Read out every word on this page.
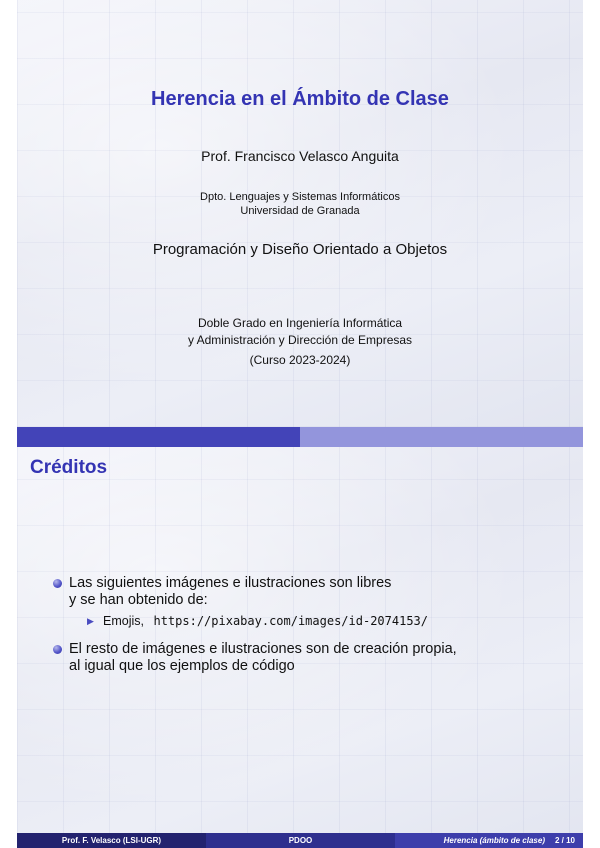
Herencia en el Ámbito de Clase
Prof. Francisco Velasco Anguita
Dpto. Lenguajes y Sistemas Informáticos
Universidad de Granada
Programación y Diseño Orientado a Objetos
Doble Grado en Ingeniería Informática
y Administración y Dirección de Empresas
(Curso 2023-2024)
Créditos
Las siguientes imágenes e ilustraciones son libres
y se han obtenido de:
▶ Emojis, https://pixabay.com/images/id-2074153/
El resto de imágenes e ilustraciones son de creación propia,
al igual que los ejemplos de código
Prof. F. Velasco (LSI-UGR)	PDOO	Herencia (ámbito de clase) 2 / 10
